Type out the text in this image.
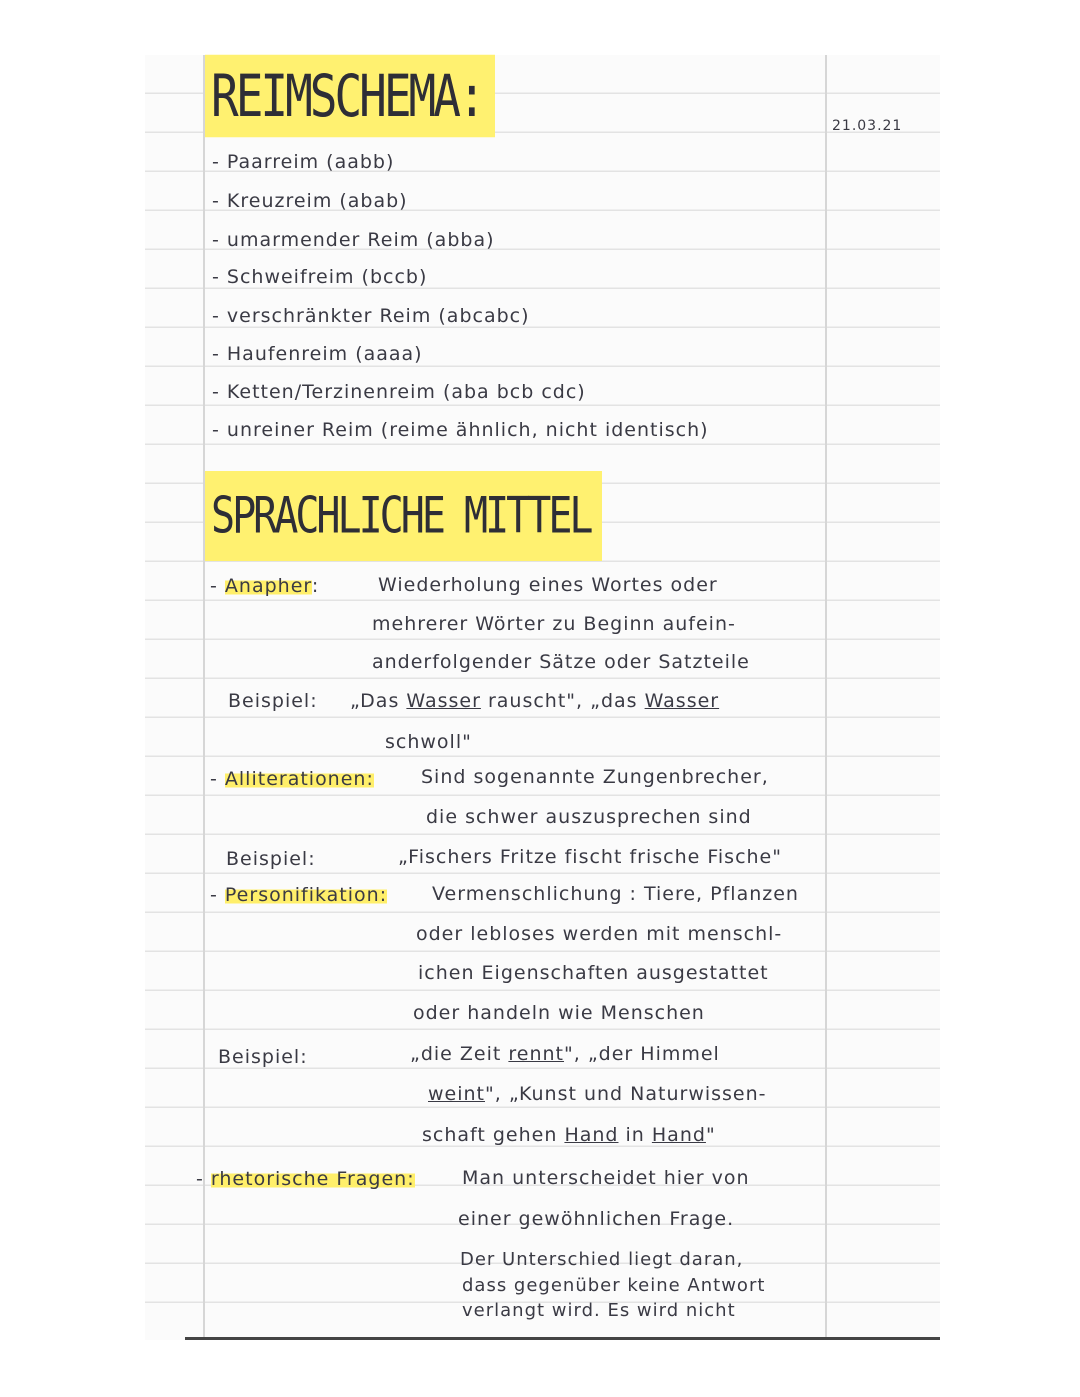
21.03.21
REIMSCHEMA:
- Paarreim (aabb)
- Kreuzreim (abab)
- umarmender Reim (abba)
- Schweifreim (bccb)
- verschränkter Reim (abcabc)
- Haufenreim (aaaa)
- Ketten/Terzinenreim (aba bcb cdc)
- unreiner Reim (reime ähnlich, nicht identisch)
SPRACHLICHE MITTEL
- Anapher:	Wiederholung eines Wortes oder
mehrerer Wörter zu Beginn aufein-
anderfolgender Sätze oder Satzteile
Beispiel: „Das Wasser rauscht", „das Wasser
schwoll"
- Alliterationen: Sind sogenannte Zungenbrecher,
die schwer auszusprechen sind
Beispiel:	„Fischers Fritze fischt frische Fische"
- Personifikation: Vermenschlichung : Tiere, Pflanzen
oder lebloses werden mit menschl-
ichen Eigenschaften ausgestattet
oder handeln wie Menschen
Beispiel:	„die Zeit rennt", „der Himmel
weint", „Kunst und Naturwissen-
schaft gehen Hand in Hand"
- rhetorische Fragen: Man unterscheidet hier von
einer gewöhnlichen Frage.
Der Unterschied liegt daran,
dass gegenüber keine Antwort
verlangt wird. Es wird nicht
